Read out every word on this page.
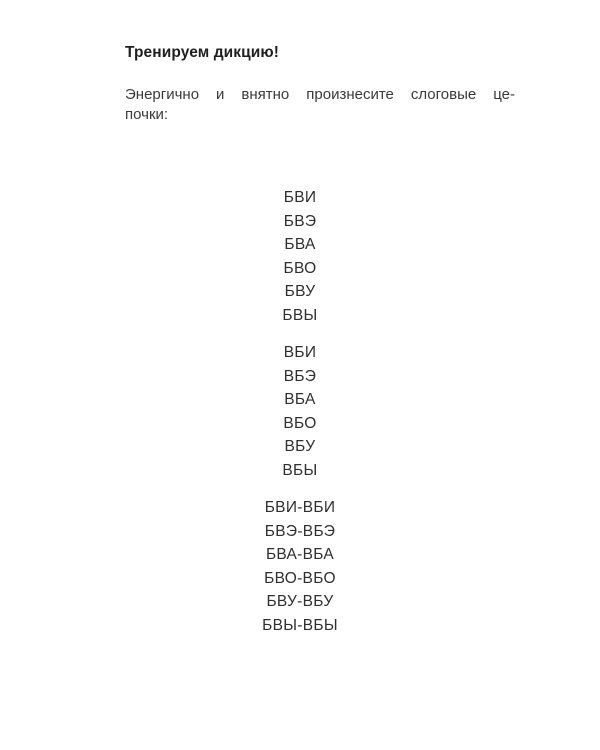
Тренируем дикцию!
Энергично и внятно произнесите слоговые це-
почки:
БВИ
БВЭ
БВА
БВО
БВУ
БВЫ
ВБИ
ВБЭ
ВБА
ВБО
ВБУ
ВБЫ
БВИ-ВБИ
БВЭ-ВБЭ
БВА-ВБА
БВО-ВБО
БВУ-ВБУ
БВЫ-ВБЫ
